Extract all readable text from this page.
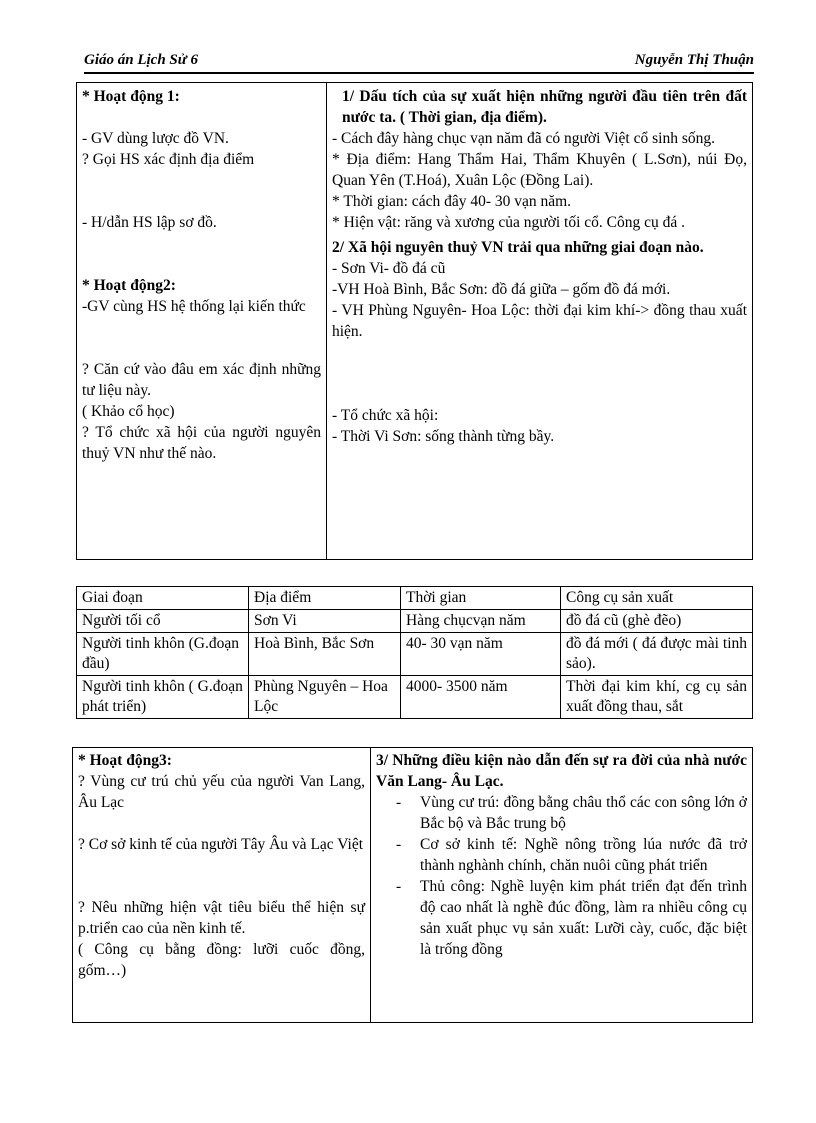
Giáo án Lịch Sử 6	Nguyễn Thị Thuận

* Hoạt động 1:

- GV dùng lược đồ VN.

? Gọi HS xác định địa điểm

- H/dẫn HS lập sơ đồ.

* Hoạt động2:

-GV cùng HS hệ thống lại kiến thức

? Căn cứ vào đâu em xác định những tư liệu này.

( Khảo cổ học)

? Tổ chức xã hội của người nguyên thuỷ VN như thế nào.

1/ Dấu tích của sự xuất hiện những người đầu tiên trên đất nước ta. ( Thời gian, địa điểm).

- Cách đây hàng chục vạn năm đã có người Việt cổ sinh sống.

* Địa điểm: Hang Thẩm Hai, Thẩm Khuyên ( L.Sơn), núi Đọ, Quan Yên (T.Hoá), Xuân Lộc (Đồng Lai).

* Thời gian: cách đây 40- 30 vạn năm.

* Hiện vật: răng và xương của người tối cổ. Công cụ đá .

2/ Xã hội nguyên thuỷ VN trải qua những giai đoạn nào.

- Sơn Vi- đồ đá cũ

-VH Hoà Bình, Bắc Sơn: đồ đá giữa – gốm đồ đá mới.

- VH Phùng Nguyên- Hoa Lộc: thời đại kim khí-> đồng thau xuất hiện.

- Tổ chức xã hội:

- Thời Vi Sơn: sống thành từng bầy.

Giai đoạn	Địa điểm	Thời gian	Công cụ sản xuất
Người tối cổ	Sơn Vi	Hàng chụcvạn năm	đồ đá cũ (ghè đẽo)
Người tinh khôn (G.đoạn đầu)	Hoà Bình, Bắc Sơn	40- 30 vạn năm	đồ đá mới ( đá được mài tinh sảo).
Người tinh khôn ( G.đoạn phát triển)	Phùng Nguyên – Hoa Lộc	4000- 3500 năm	Thời đại kim khí, cg cụ sản xuất đồng thau, sắt

* Hoạt động3:

? Vùng cư trú chủ yếu của người Van Lang, Âu Lạc

? Cơ sở kinh tế của người Tây Âu và Lạc Việt

? Nêu những hiện vật tiêu biểu thể hiện sự p.triển cao của nền kinh tế.

( Công cụ bằng đồng: lưỡi cuốc đồng, gốm…)

3/ Những điều kiện nào dẫn đến sự ra đời của nhà nước Văn Lang- Âu Lạc.

- Vùng cư trú: đồng bằng châu thổ các con sông lớn ở Bắc bộ và Bắc trung bộ
- Cơ sở kinh tế: Nghề nông trồng lúa nước đã trở thành nghành chính, chăn nuôi cũng phát triển
- Thủ công: Nghề luyện kim phát triển đạt đến trình độ cao nhất là nghề đúc đồng, làm ra nhiều công cụ sản xuất phục vụ sản xuất: Lưỡi cày, cuốc, đặc biệt là trống đồng
